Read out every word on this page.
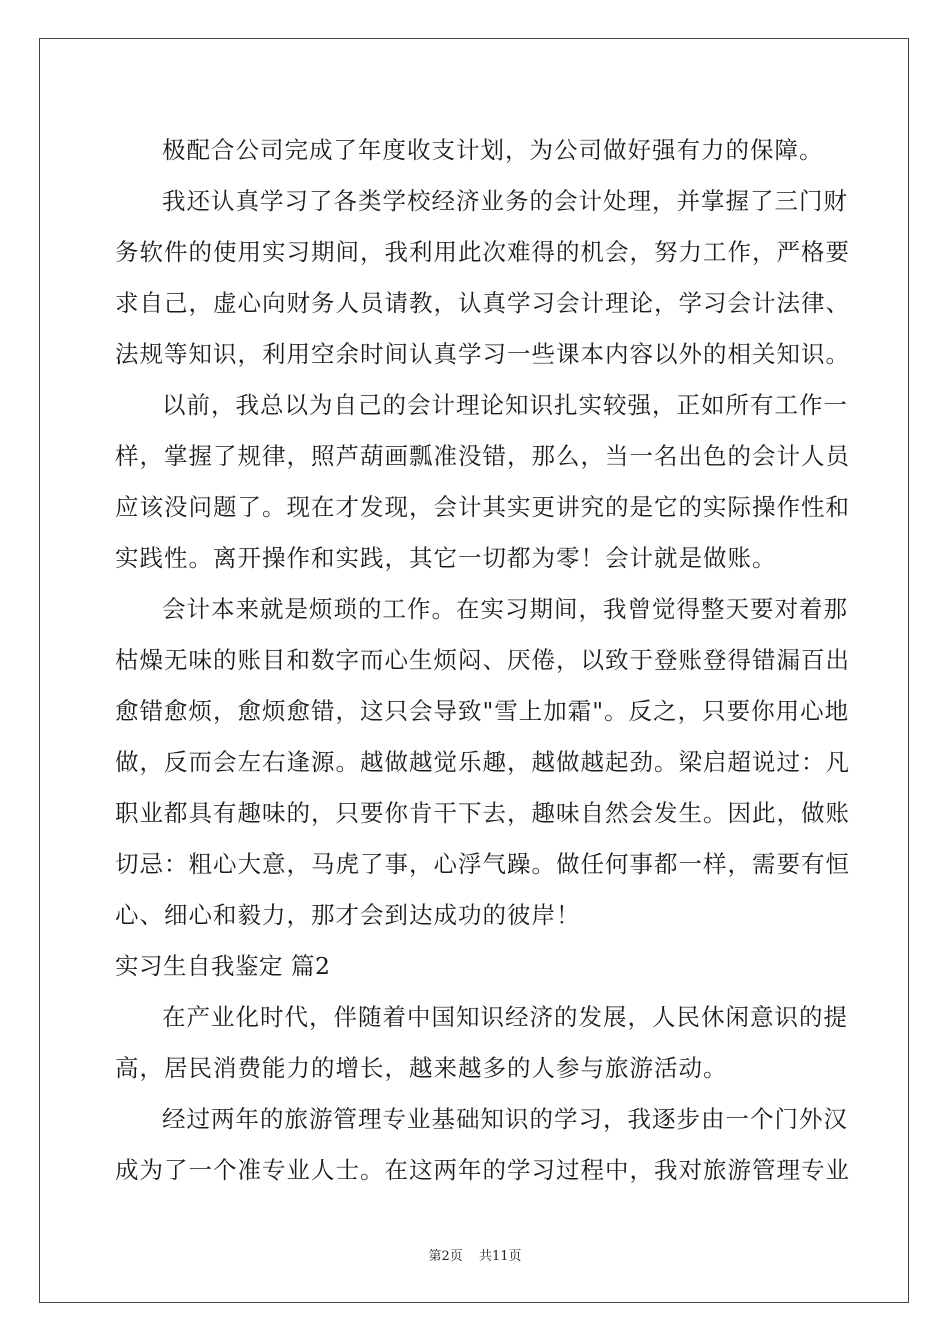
极配合公司完成了年度收支计划，为公司做好强有力的保障。
我还认真学习了各类学校经济业务的会计处理，并掌握了三门财
务软件的使用实习期间，我利用此次难得的机会，努力工作，严格要
求自己，虚心向财务人员请教，认真学习会计理论，学习会计法律、
法规等知识，利用空余时间认真学习一些课本内容以外的相关知识。
以前，我总以为自己的会计理论知识扎实较强，正如所有工作一
样，掌握了规律，照芦葫画瓢准没错，那么，当一名出色的会计人员
应该没问题了。现在才发现，会计其实更讲究的是它的实际操作性和
实践性。离开操作和实践，其它一切都为零！会计就是做账。
会计本来就是烦琐的工作。在实习期间，我曾觉得整天要对着那
枯燥无味的账目和数字而心生烦闷、厌倦，以致于登账登得错漏百出
愈错愈烦，愈烦愈错，这只会导致"雪上加霜"。反之，只要你用心地
做，反而会左右逢源。越做越觉乐趣，越做越起劲。梁启超说过：凡
职业都具有趣味的，只要你肯干下去，趣味自然会发生。因此，做账
切忌：粗心大意，马虎了事，心浮气躁。做任何事都一样，需要有恒
心、细心和毅力，那才会到达成功的彼岸！
实习生自我鉴定 篇2
在产业化时代，伴随着中国知识经济的发展，人民休闲意识的提
高，居民消费能力的增长，越来越多的人参与旅游活动。
经过两年的旅游管理专业基础知识的学习，我逐步由一个门外汉
成为了一个准专业人士。在这两年的学习过程中，我对旅游管理专业
第2页 共11页
